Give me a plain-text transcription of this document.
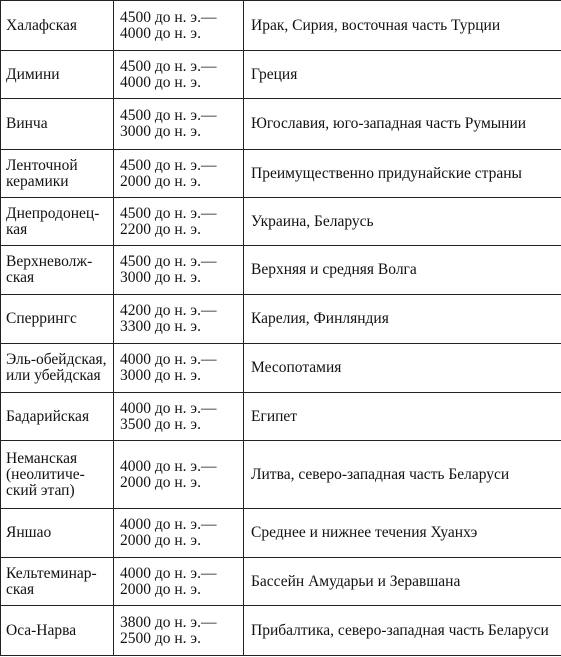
Халафская	4500 до н. э.—
4000 до н. э.	Ирак, Сирия, восточная часть Турции

Димини	4500 до н. э.—
4000 до н. э.	Греция

Винча	4500 до н. э.—
3000 до н. э.	Югославия, юго-западная часть Румынии

Ленточной
керамики	4500 до н. э.—
2000 до н. э.	Преимущественно придунайские страны

Днепродонец-
кая	4500 до н. э.—
2200 до н. э.	Украина, Беларусь

Верхневолж-
ская	4500 до н. э.—
3000 до н. э.	Верхняя и средняя Волга

Сперрингс	4200 до н. э.—
3300 до н. э.	Карелия, Финляндия

Эль-обейдская,
или убейдская	4000 до н. э.—
3000 до н. э.	Месопотамия

Бадарийская	4000 до н. э.—
3500 до н. э.	Египет

Неманская
(неолитиче-
ский этап)	4000 до н. э.—
2000 до н. э.	Литва, северо-западная часть Беларуси

Яншао	4000 до н. э.—
2000 до н. э.	Среднее и нижнее течения Хуанхэ

Кельтеминар-
ская	4000 до н. э.—
2000 до н. э.	Бассейн Амударьи и Зеравшана

Оса-Нарва	3800 до н. э.—
2500 до н. э.	Прибалтика, северо-западная часть Беларуси
